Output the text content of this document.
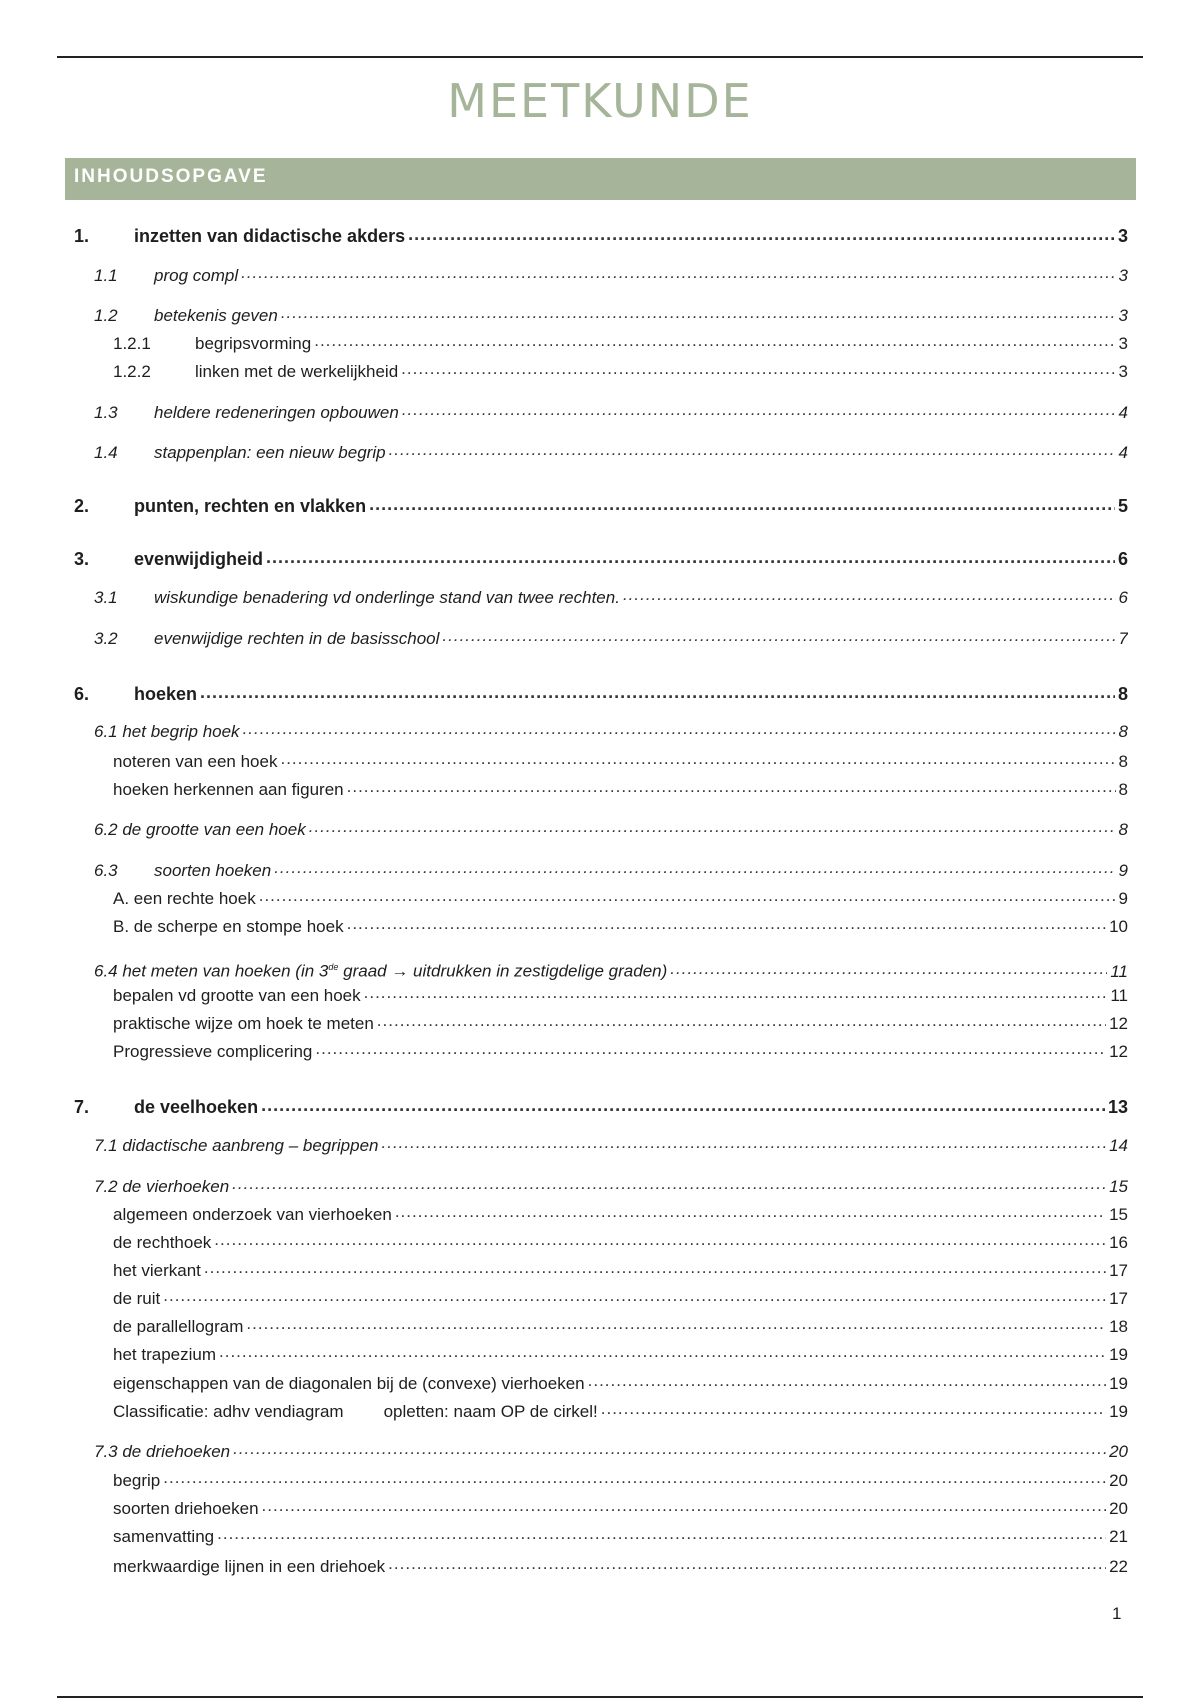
MEETKUNDE
INHOUDSOPGAVE
1.	inzetten van didactische akders .....	3
1.1	prog compl .....	3
1.2	betekenis geven .....	3
1.2.1	begripsvorming .....	3
1.2.2	linken met de werkelijkheid .....	3
1.3	heldere redeneringen opbouwen .....	4
1.4	stappenplan: een nieuw begrip .....	4
2.	punten, rechten en vlakken .....	5
3.	evenwijdigheid .....	6
3.1	wiskundige benadering vd onderlinge stand van twee rechten. .....	6
3.2	evenwijdige rechten in de basisschool .....	7
6.	hoeken .....	8
6.1 het begrip hoek .....	8
noteren van een hoek .....	8
hoeken herkennen aan figuren .....	8
6.2 de grootte van een hoek .....	8
6.3	soorten hoeken .....	9
A. een rechte hoek .....	9
B. de scherpe en stompe hoek .....	10
6.4 het meten van hoeken (in 3de graad → uitdrukken in zestigdelige graden) .....	11
bepalen vd grootte van een hoek .....	11
praktische wijze om hoek te meten .....	12
Progressieve complicering .....	12
7.	de veelhoeken .....	13
7.1 didactische aanbreng – begrippen .....	14
7.2 de vierhoeken .....	15
algemeen onderzoek van vierhoeken .....	15
de rechthoek .....	16
het vierkant .....	17
de ruit .....	17
de parallellogram .....	18
het trapezium .....	19
eigenschappen van de diagonalen bij de (convexe) vierhoeken .....	19
Classificatie: adhv vendiagram opletten: naam OP de cirkel! .....	19
7.3 de driehoeken .....	20
begrip .....	20
soorten driehoeken .....	20
samenvatting .....	21
merkwaardige lijnen in een driehoek .....	22
1
